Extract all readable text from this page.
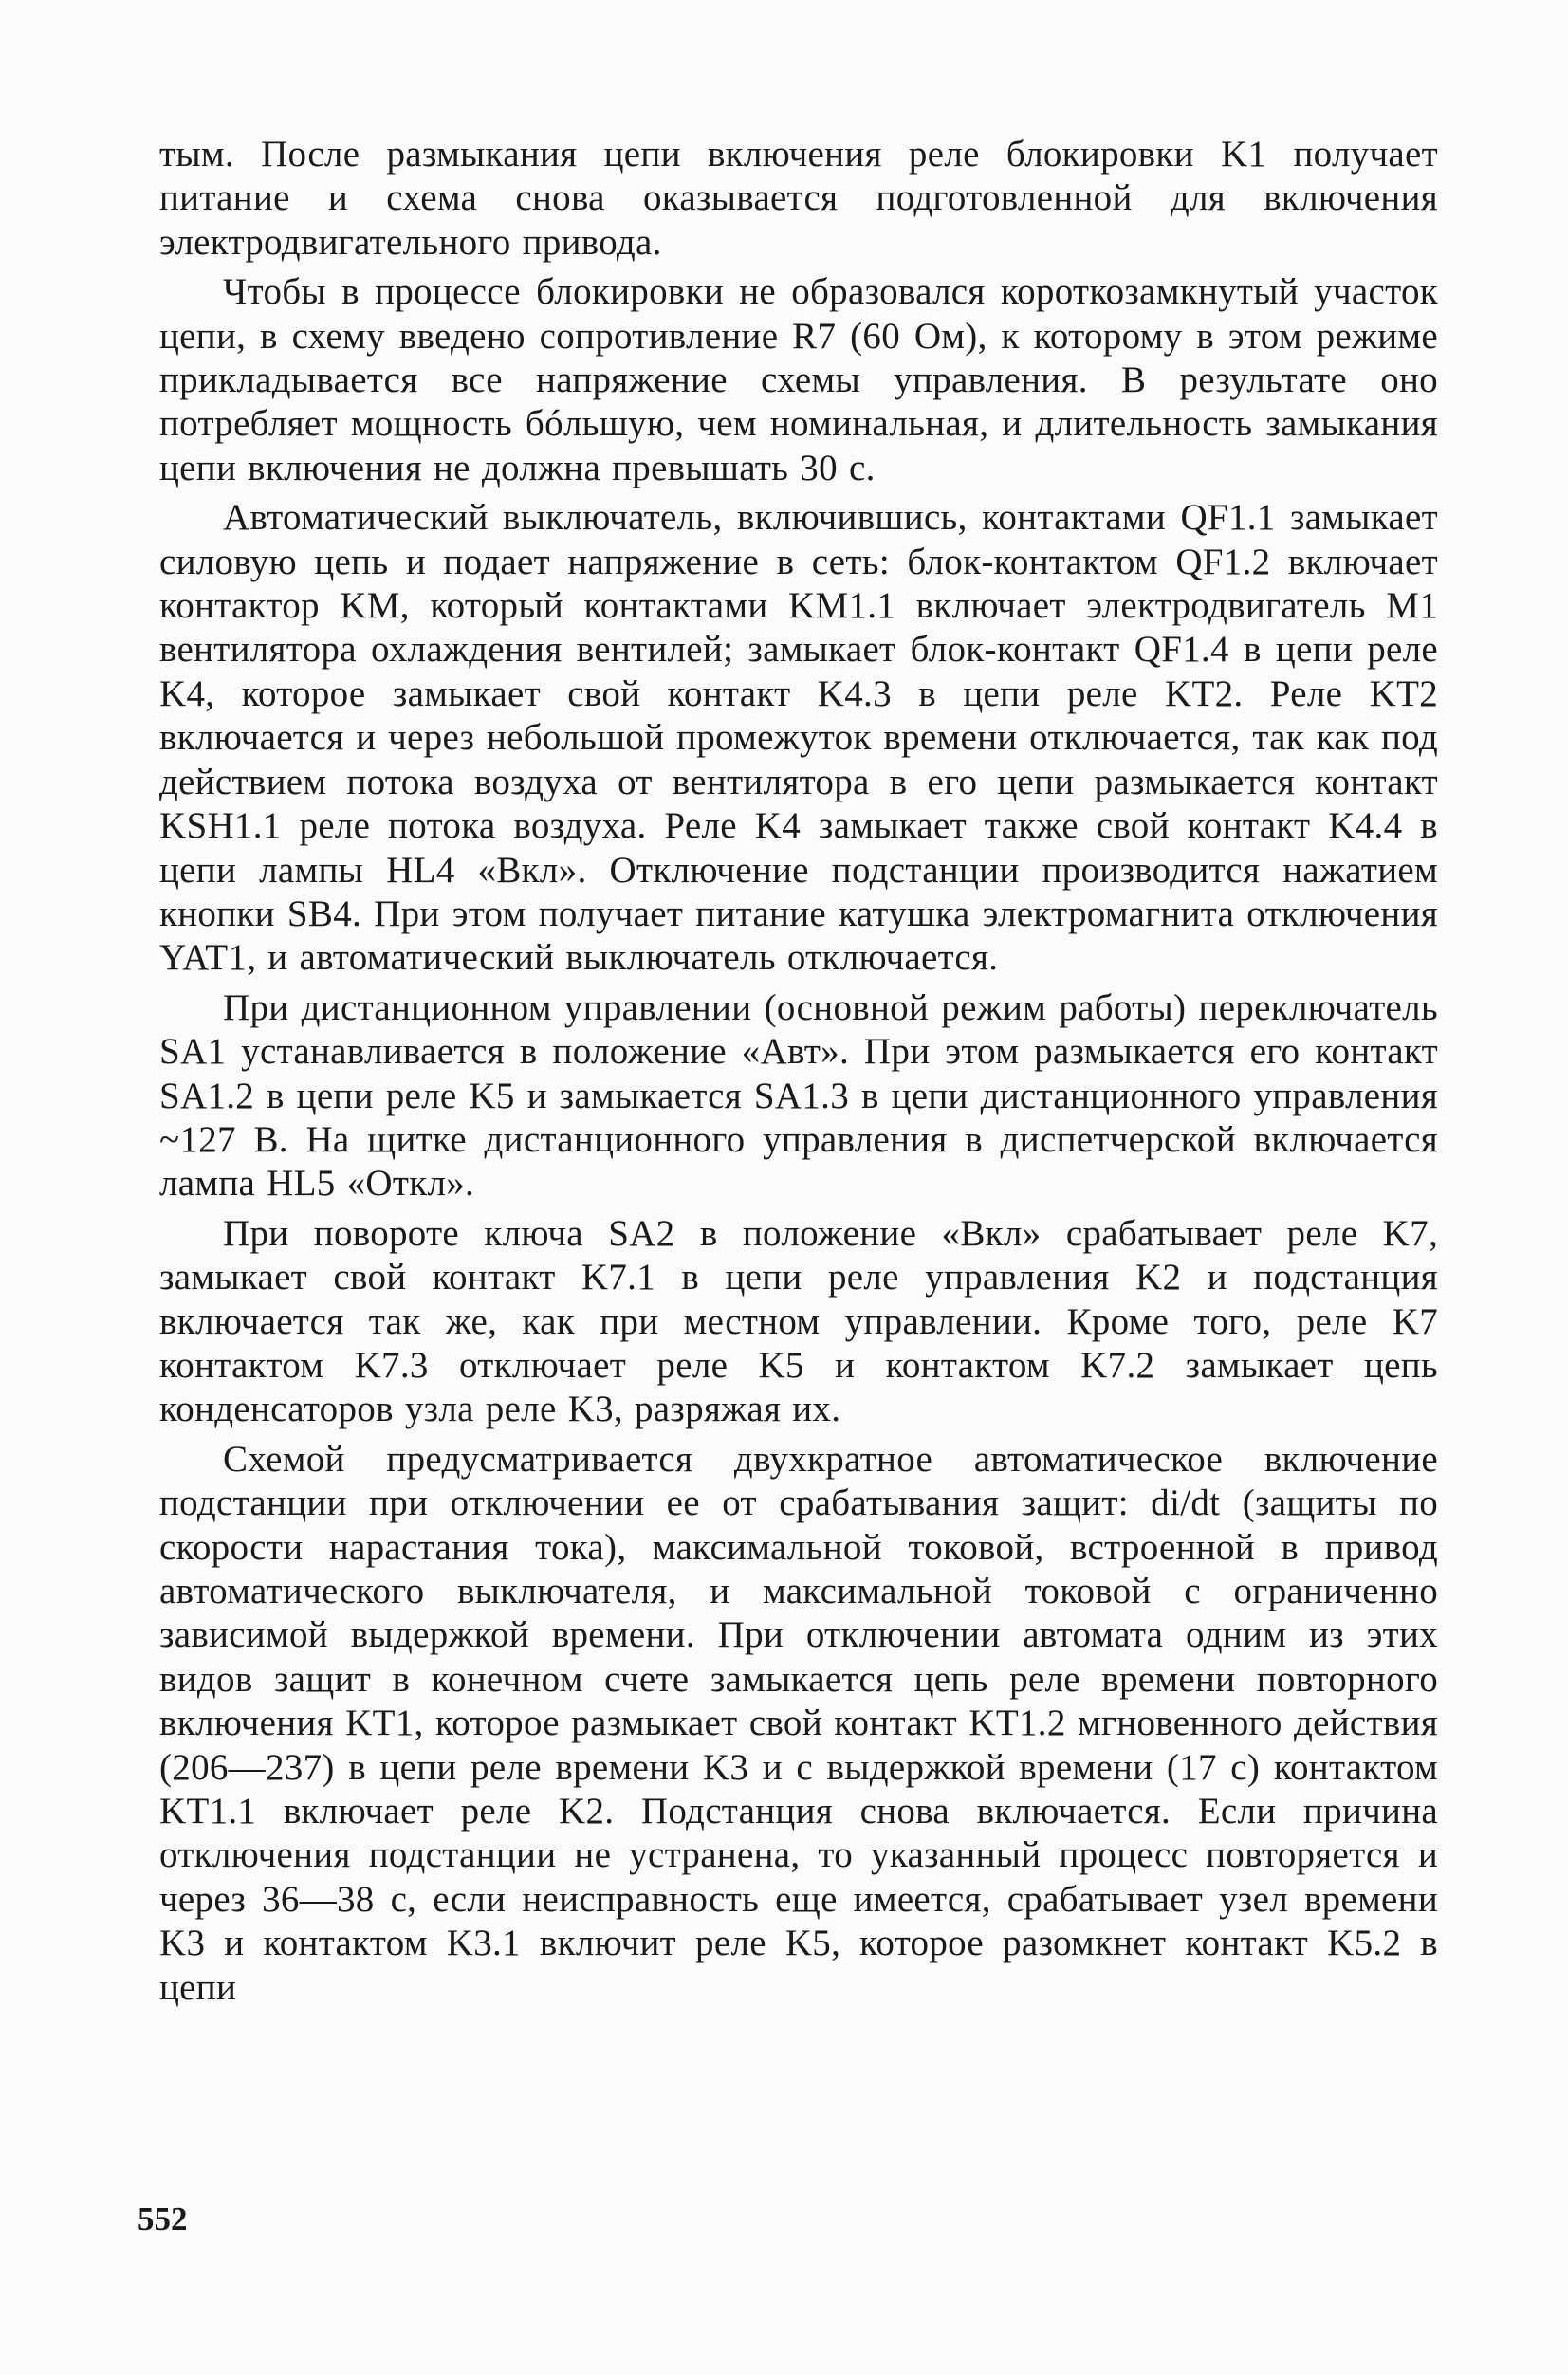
тым. После размыкания цепи включения реле блокировки K1 получает питание и схема снова оказывается подготовленной для включения электродвигательного привода.

Чтобы в процессе блокировки не образовался короткозамкнутый участок цепи, в схему введено сопротивление R7 (60 Ом), к которому в этом режиме прикладывается все напряжение схемы управления. В результате оно потребляет мощность бóльшую, чем номинальная, и длительность замыкания цепи включения не должна превышать 30 с.

Автоматический выключатель, включившись, контактами QF1.1 замыкает силовую цепь и подает напряжение в сеть: блок-контактом QF1.2 включает контактор KM, который контактами KM1.1 включает электродвигатель M1 вентилятора охлаждения вентилей; замыкает блок-контакт QF1.4 в цепи реле K4, которое замыкает свой контакт K4.3 в цепи реле KT2. Реле KT2 включается и через небольшой промежуток времени отключается, так как под действием потока воздуха от вентилятора в его цепи размыкается контакт KSH1.1 реле потока воздуха. Реле K4 замыкает также свой контакт K4.4 в цепи лампы HL4 «Вкл». Отключение подстанции производится нажатием кнопки SB4. При этом получает питание катушка электромагнита отключения YAT1, и автоматический выключатель отключается.

При дистанционном управлении (основной режим работы) переключатель SA1 устанавливается в положение «Авт». При этом размыкается его контакт SA1.2 в цепи реле K5 и замыкается SA1.3 в цепи дистанционного управления ~127 В. На щитке дистанционного управления в диспетчерской включается лампа HL5 «Откл».

При повороте ключа SA2 в положение «Вкл» срабатывает реле K7, замыкает свой контакт K7.1 в цепи реле управления K2 и подстанция включается так же, как при местном управлении. Кроме того, реле K7 контактом K7.3 отключает реле K5 и контактом K7.2 замыкает цепь конденсаторов узла реле K3, разряжая их.

Схемой предусматривается двухкратное автоматическое включение подстанции при отключении ее от срабатывания защит: di/dt (защиты по скорости нарастания тока), максимальной токовой, встроенной в привод автоматического выключателя, и максимальной токовой с ограниченно зависимой выдержкой времени. При отключении автомата одним из этих видов защит в конечном счете замыкается цепь реле времени повторного включения KT1, которое размыкает свой контакт KT1.2 мгновенного действия (206—237) в цепи реле времени K3 и с выдержкой времени (17 с) контактом KT1.1 включает реле K2. Подстанция снова включается. Если причина отключения подстанции не устранена, то указанный процесс повторяется и через 36—38 с, если неисправность еще имеется, срабатывает узел времени K3 и контактом K3.1 включит реле K5, которое разомкнет контакт K5.2 в цепи

552
